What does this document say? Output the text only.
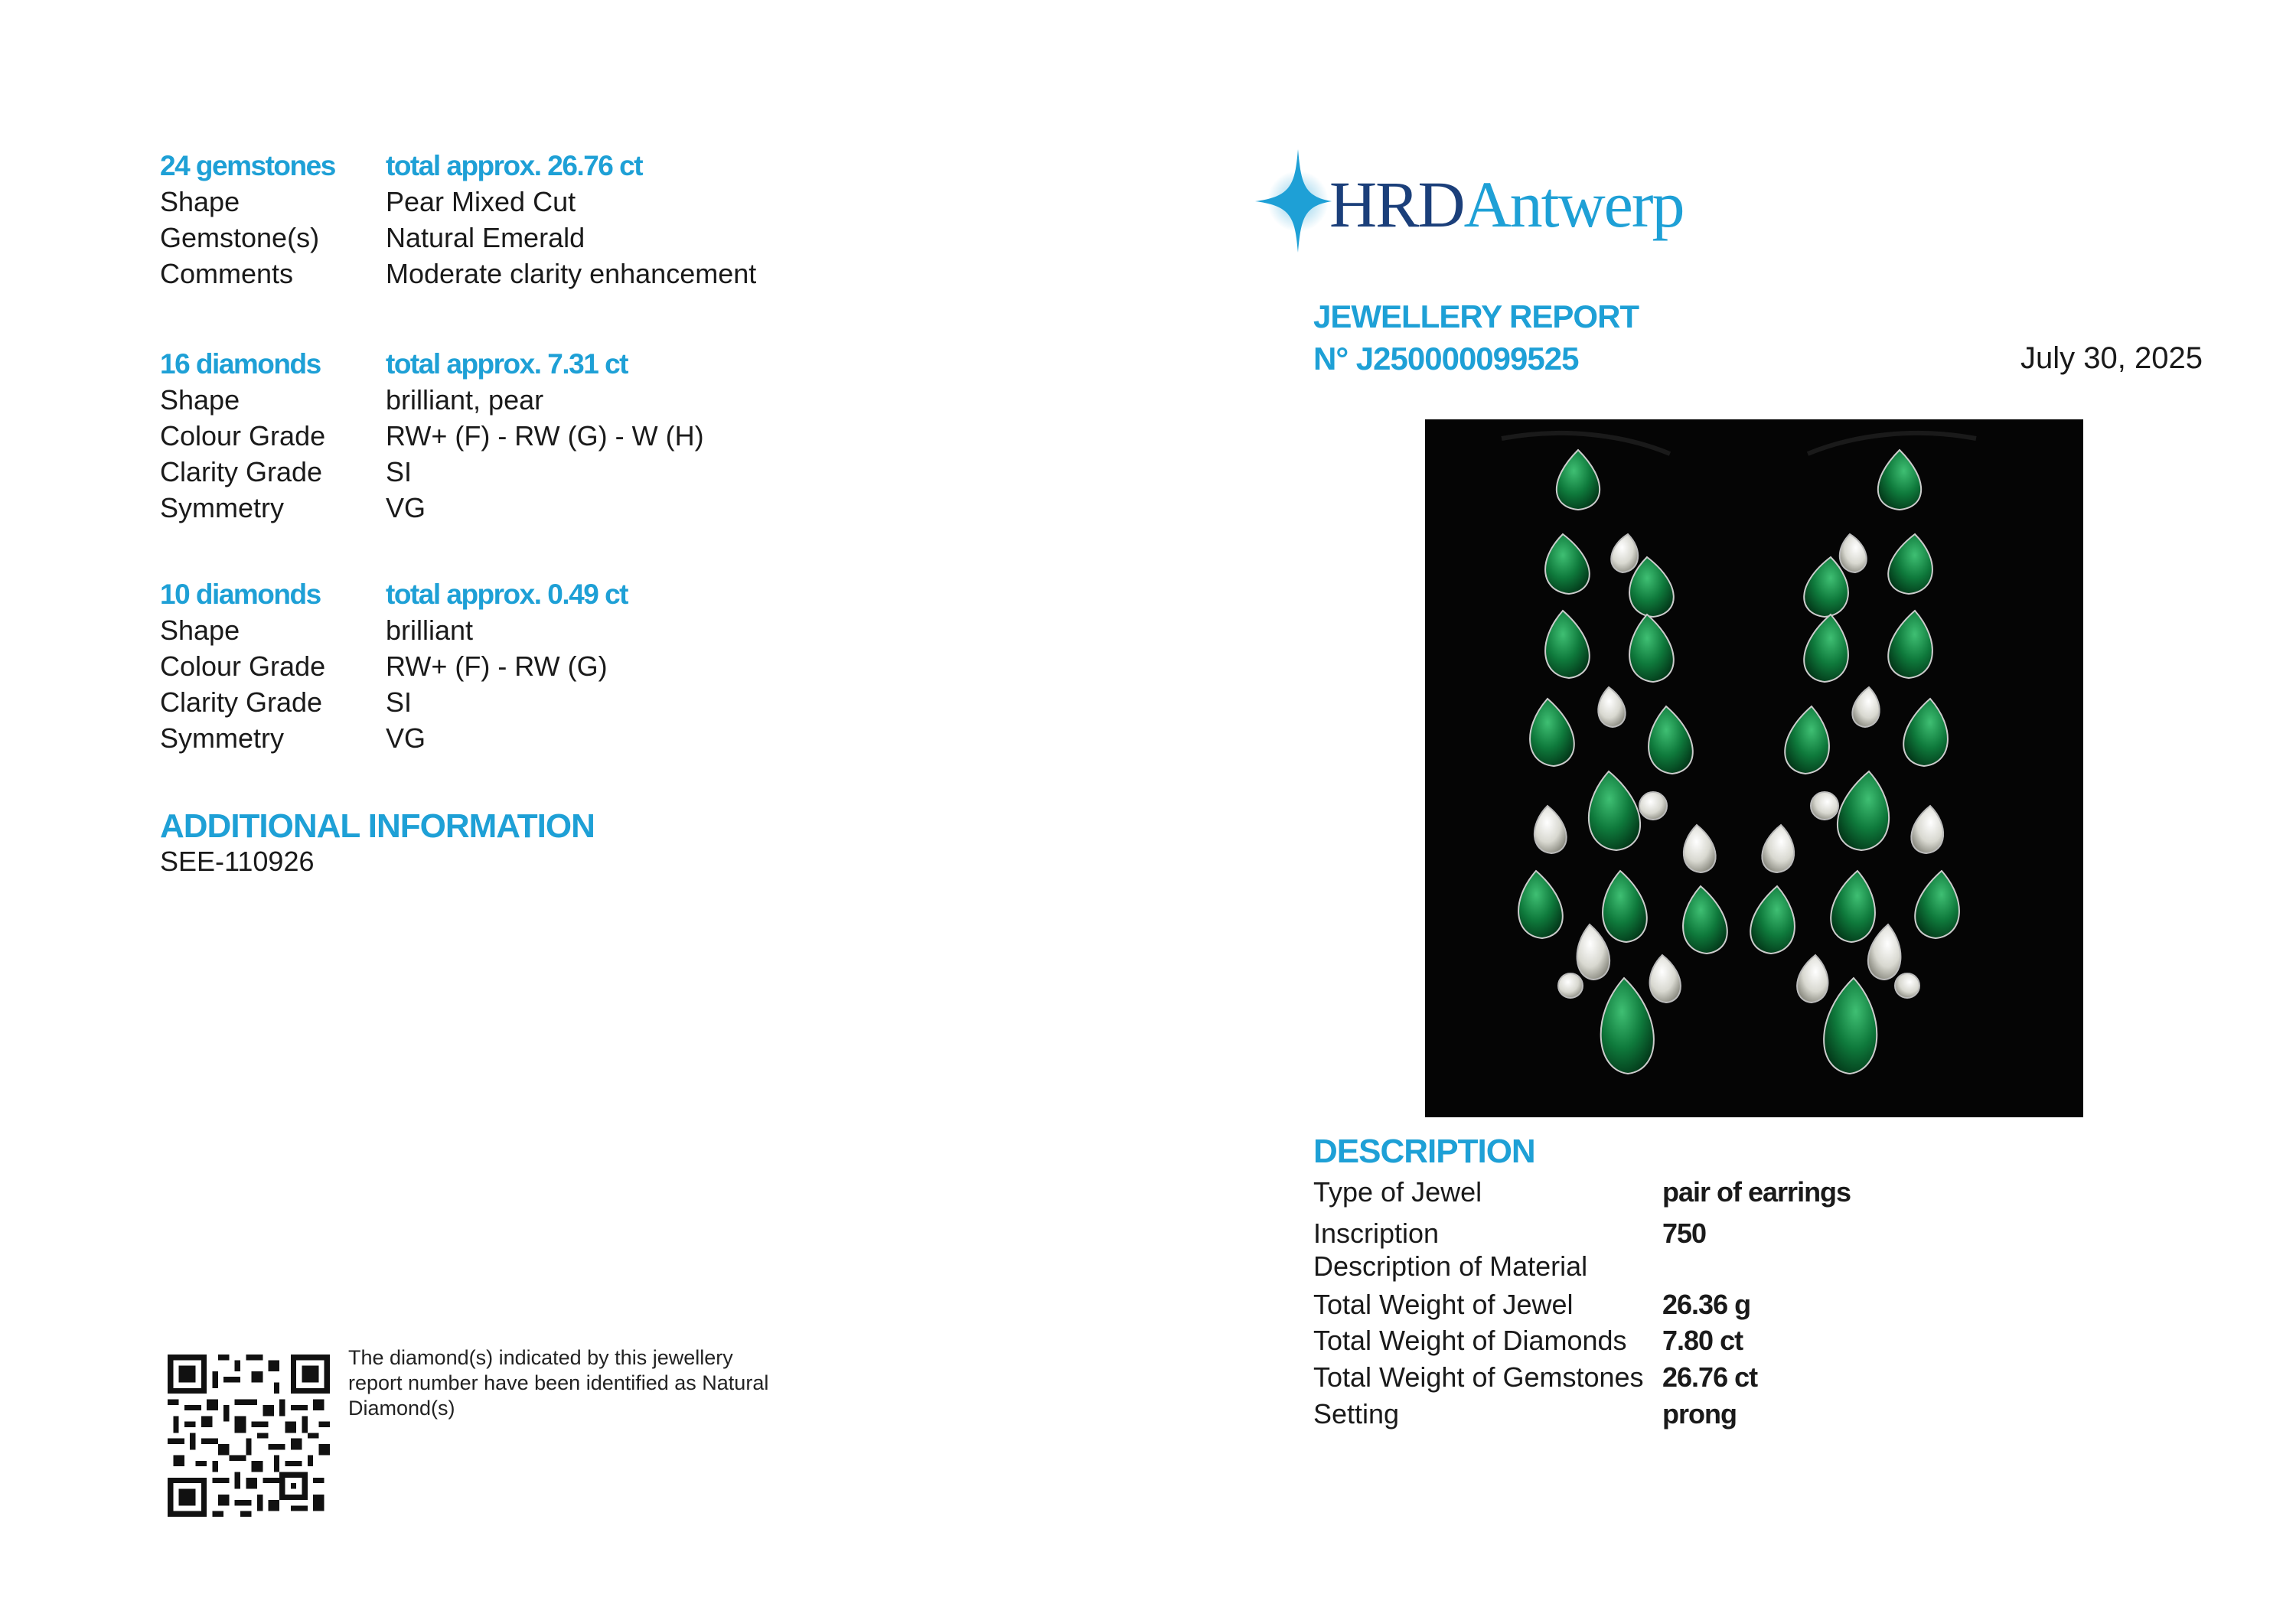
24 gemstones	total approx. 26.76 ct
Shape	Pear Mixed Cut
Gemstone(s)	Natural Emerald
Comments	Moderate clarity enhancement
16 diamonds	total approx. 7.31 ct
Shape	brilliant, pear
Colour Grade	RW+ (F) - RW (G) - W (H)
Clarity Grade	SI
Symmetry	VG
10 diamonds	total approx. 0.49 ct
Shape	brilliant
Colour Grade	RW+ (F) - RW (G)
Clarity Grade	SI
Symmetry	VG
ADDITIONAL INFORMATION
SEE-110926
The diamond(s) indicated by this jewellery report number have been identified as Natural Diamond(s)
HRDAntwerp
JEWELLERY REPORT
N° J250000099525	July 30, 2025
DESCRIPTION
Type of Jewel	pair of earrings
Inscription	750
Description of Material
Total Weight of Jewel	26.36 g
Total Weight of Diamonds	7.80 ct
Total Weight of Gemstones 26.76 ct
Setting	prong
